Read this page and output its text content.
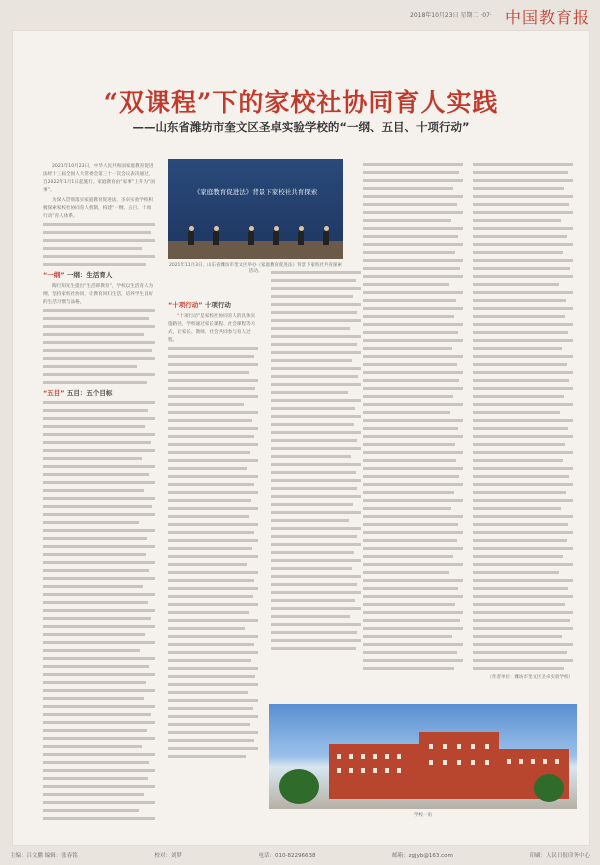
2018年10月23日 星期二 ·07· 中国教育报
“双课程”下的家校社协同育人实践
——山东省潍坊市奎文区圣卓实验学校的“一纲、五目、十项行动”

2021年10月23日，中华人民共和国家庭教育促进法经十三届全国人大常委会第三十一次会议表决通过，自2022年1月1日起施行。家庭教育由“家事”上升为“国事”。

为深入贯彻落实家庭教育促进法，圣卓实验学校积极探索家校社协同育人机制，构建“一纲、五目、十项行动”育人体系。

“一纲” 一纲：生活育人

陶行知先生提出“生活即教育”，学校以生活育人为纲，坚持家校社协同，让教育回归生活，培养学生良好的生活习惯与品格。

“五目” 五目：五个目标
《家庭教育促进法》背景下家校社共育探索
2021年11月3日，山东省潍坊市奎文区举办《家庭教育促进法》背景下家校社共育探索活动。
“十项行动” 十项行动

“十项行动”是家校社协同育人的具体实施路径，学校通过家长课程、社会课程等方式，让家长、教师、社会共同参与育人过程。

（作者单位：潍坊市奎文区圣卓实验学校）
学校一角
主编：吕文鹏 编辑：张春铭	校对：刘梦	电话：010-82296638	邮箱：zgjyb@163.com	印刷：人民日报印务中心
